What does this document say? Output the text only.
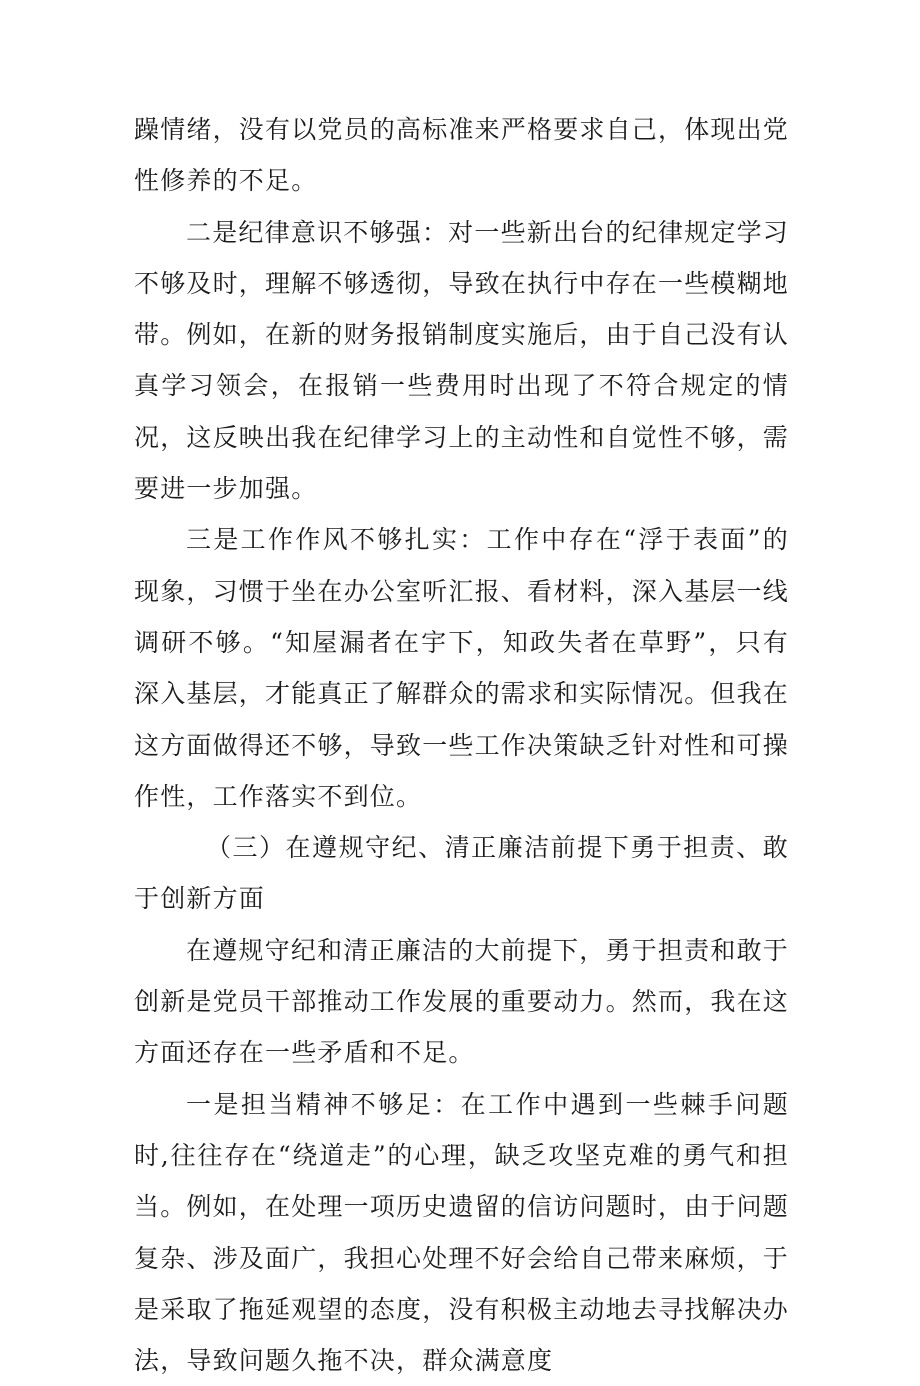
躁情绪，没有以党员的高标准来严格要求自己，体现出党性修养的不足。

二是纪律意识不够强：对一些新出台的纪律规定学习不够及时，理解不够透彻，导致在执行中存在一些模糊地带。例如，在新的财务报销制度实施后，由于自己没有认真学习领会，在报销一些费用时出现了不符合规定的情况，这反映出我在纪律学习上的主动性和自觉性不够，需要进一步加强。

三是工作作风不够扎实：工作中存在“浮于表面”的现象，习惯于坐在办公室听汇报、看材料，深入基层一线调研不够。“知屋漏者在宇下，知政失者在草野”，只有深入基层，才能真正了解群众的需求和实际情况。但我在这方面做得还不够，导致一些工作决策缺乏针对性和可操作性，工作落实不到位。

（三）在遵规守纪、清正廉洁前提下勇于担责、敢于创新方面

在遵规守纪和清正廉洁的大前提下，勇于担责和敢于创新是党员干部推动工作发展的重要动力。然而，我在这方面还存在一些矛盾和不足。

一是担当精神不够足：在工作中遇到一些棘手问题时,往往存在“绕道走”的心理，缺乏攻坚克难的勇气和担当。例如，在处理一项历史遗留的信访问题时，由于问题复杂、涉及面广，我担心处理不好会给自己带来麻烦，于是采取了拖延观望的态度，没有积极主动地去寻找解决办法，导致问题久拖不决，群众满意度
